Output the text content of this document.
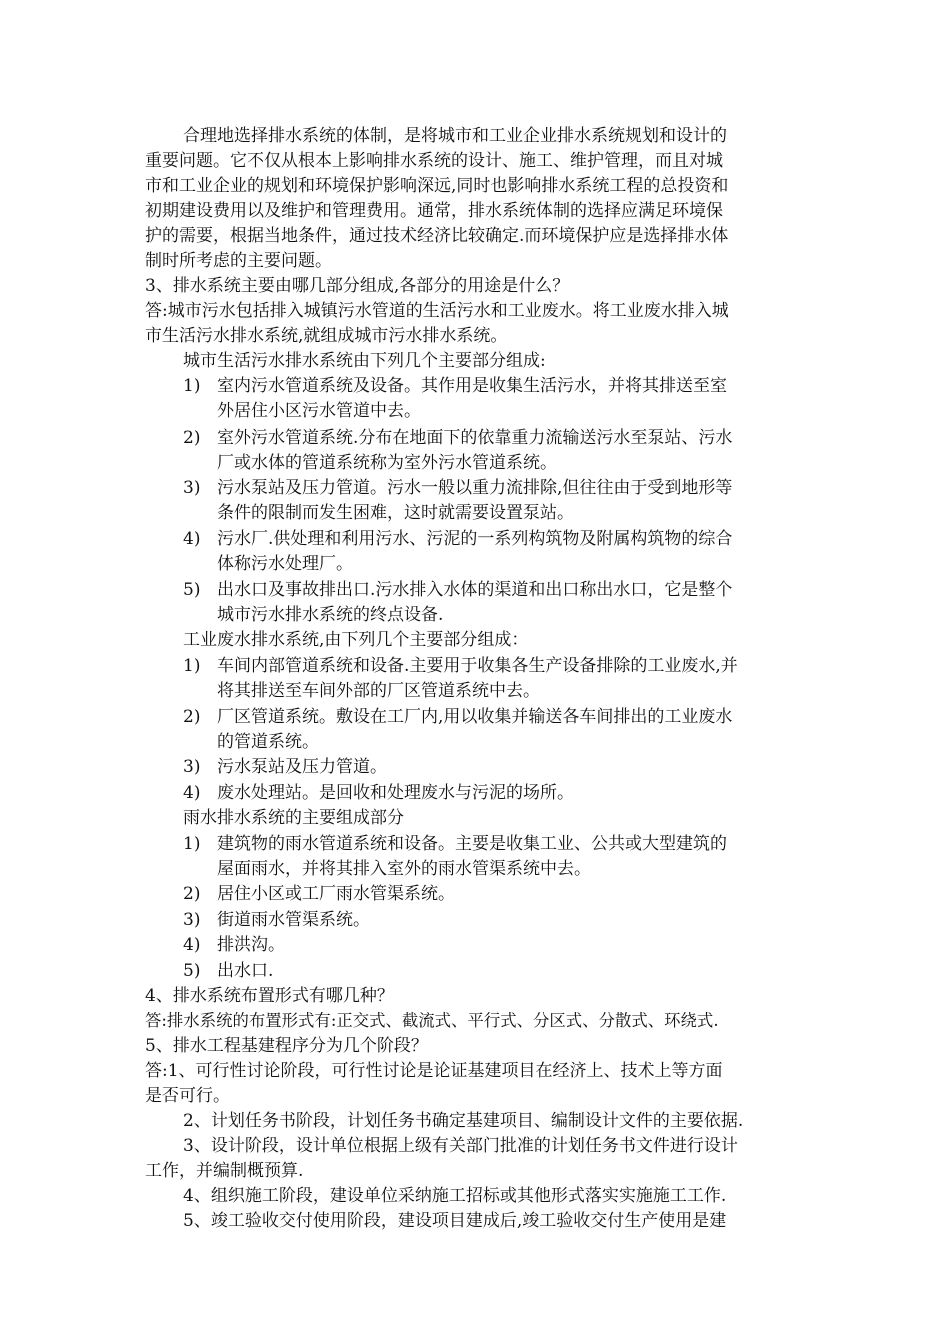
合理地选择排水系统的体制，是将城市和工业企业排水系统规划和设计的
重要问题。它不仅从根本上影响排水系统的设计、施工、维护管理，而且对城
市和工业企业的规划和环境保护影响深远,同时也影响排水系统工程的总投资和
初期建设费用以及维护和管理费用。通常，排水系统体制的选择应满足环境保
护的需要，根据当地条件，通过技术经济比较确定.而环境保护应是选择排水体
制时所考虑的主要问题。
3、排水系统主要由哪几部分组成,各部分的用途是什么？
答:城市污水包括排入城镇污水管道的生活污水和工业废水。将工业废水排入城
市生活污水排水系统,就组成城市污水排水系统。
城市生活污水排水系统由下列几个主要部分组成:
1) 室内污水管道系统及设备。其作用是收集生活污水，并将其排送至室
外居住小区污水管道中去。
2) 室外污水管道系统.分布在地面下的依靠重力流输送污水至泵站、污水
厂或水体的管道系统称为室外污水管道系统。
3) 污水泵站及压力管道。污水一般以重力流排除,但往往由于受到地形等
条件的限制而发生困难，这时就需要设置泵站。
4) 污水厂.供处理和利用污水、污泥的一系列构筑物及附属构筑物的综合
体称污水处理厂。
5) 出水口及事故排出口.污水排入水体的渠道和出口称出水口，它是整个
城市污水排水系统的终点设备.
工业废水排水系统,由下列几个主要部分组成：
1) 车间内部管道系统和设备.主要用于收集各生产设备排除的工业废水,并
将其排送至车间外部的厂区管道系统中去。
2) 厂区管道系统。敷设在工厂内,用以收集并输送各车间排出的工业废水
的管道系统。
3) 污水泵站及压力管道。
4) 废水处理站。是回收和处理废水与污泥的场所。
雨水排水系统的主要组成部分
1) 建筑物的雨水管道系统和设备。主要是收集工业、公共或大型建筑的
屋面雨水，并将其排入室外的雨水管渠系统中去。
2) 居住小区或工厂雨水管渠系统。
3) 街道雨水管渠系统。
4) 排洪沟。
5) 出水口.
4、排水系统布置形式有哪几种？
答:排水系统的布置形式有:正交式、截流式、平行式、分区式、分散式、环绕式.
5、排水工程基建程序分为几个阶段？
答:1、可行性讨论阶段，可行性讨论是论证基建项目在经济上、技术上等方面
是否可行。
2、计划任务书阶段，计划任务书确定基建项目、编制设计文件的主要依据.
3、设计阶段，设计单位根据上级有关部门批准的计划任务书文件进行设计
工作，并编制概预算.
4、组织施工阶段，建设单位采纳施工招标或其他形式落实实施施工工作.
5、竣工验收交付使用阶段，建设项目建成后,竣工验收交付生产使用是建
